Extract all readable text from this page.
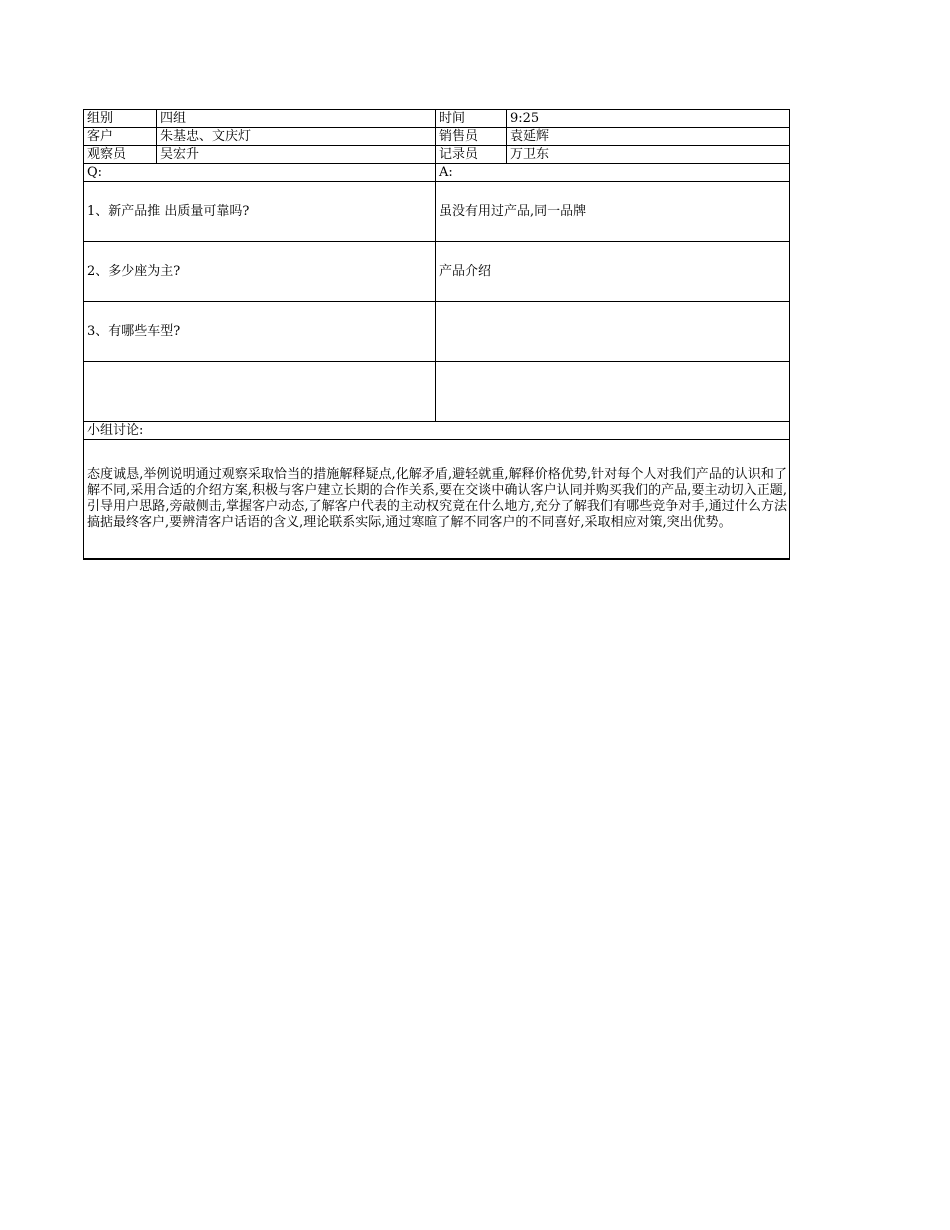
组别	四组	时间	9:25
客户	朱基忠、文庆灯	销售员	袁延辉
观察员	吴宏升	记录员	万卫东
Q:		A:	
1、新产品推 出质量可靠吗?		虽没有用过产品,同一品牌	
2、多少座为主?		产品介绍	
3、有哪些车型?			

小组讨论:			
态度诚恳,举例说明通过观察采取恰当的措施解释疑点,化解矛盾,避轻就重,解释价格优势,针对每个人对我们产品的认识和了解不同,采用合适的介绍方案,积极与客户建立长期的合作关系,要在交谈中确认客户认同并购买我们的产品,要主动切入正题,引导用户思路,旁敲侧击,掌握客户动态,了解客户代表的主动权究竟在什么地方,充分了解我们有哪些竞争对手,通过什么方法搞掂最终客户,要辨清客户话语的含义,理论联系实际,通过寒暄了解不同客户的不同喜好,采取相应对策,突出优势。			
